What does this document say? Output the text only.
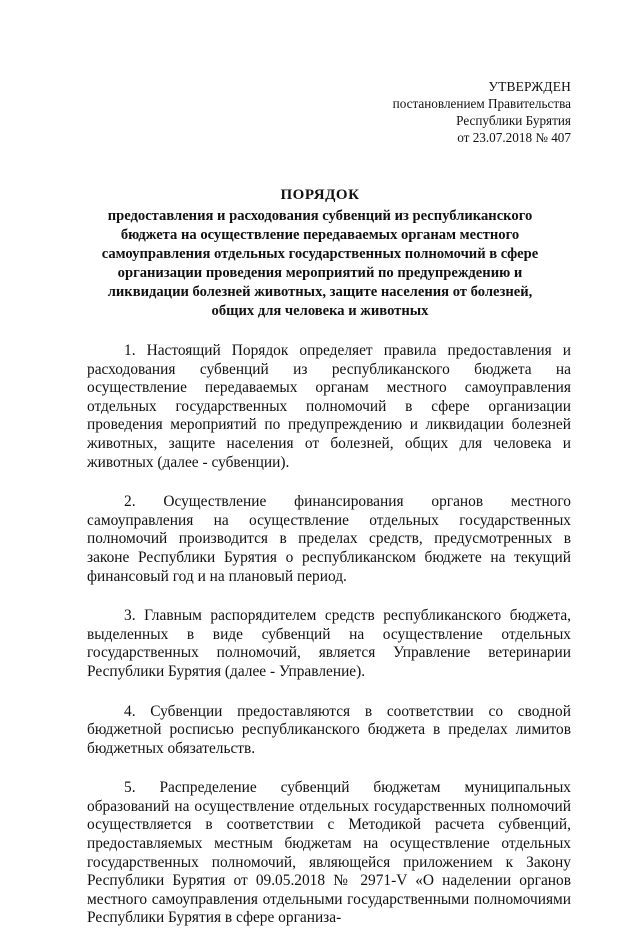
УТВЕРЖДЕН
постановлением Правительства
Республики Бурятия
от 23.07.2018 № 407
ПОРЯДОК
предоставления и расходования субвенций из республиканского бюджета на осуществление передаваемых органам местного самоуправления отдельных государственных полномочий в сфере организации проведения мероприятий по предупреждению и ликвидации болезней животных, защите населения от болезней, общих для человека и животных

1. Настоящий Порядок определяет правила предоставления и расходования субвенций из республиканского бюджета на осуществление передаваемых органам местного самоуправления отдельных государственных полномочий в сфере организации проведения мероприятий по предупреждению и ликвидации болезней животных, защите населения от болезней, общих для человека и животных (далее - субвенции).

2. Осуществление финансирования органов местного самоуправления на осуществление отдельных государственных полномочий производится в пределах средств, предусмотренных в законе Республики Бурятия о республиканском бюджете на текущий финансовый год и на плановый период.

3. Главным распорядителем средств республиканского бюджета, выделенных в виде субвенций на осуществление отдельных государственных полномочий, является Управление ветеринарии Республики Бурятия (далее - Управление).

4. Субвенции предоставляются в соответствии со сводной бюджетной росписью республиканского бюджета в пределах лимитов бюджетных обязательств.

5. Распределение субвенций бюджетам муниципальных образований на осуществление отдельных государственных полномочий осуществляется в соответствии с Методикой расчета субвенций, предоставляемых местным бюджетам на осуществление отдельных государственных полномочий, являющейся приложением к Закону Республики Бурятия от 09.05.2018 № 2971-V «О наделении органов местного самоуправления отдельными государственными полномочиями Республики Бурятия в сфере организа-
